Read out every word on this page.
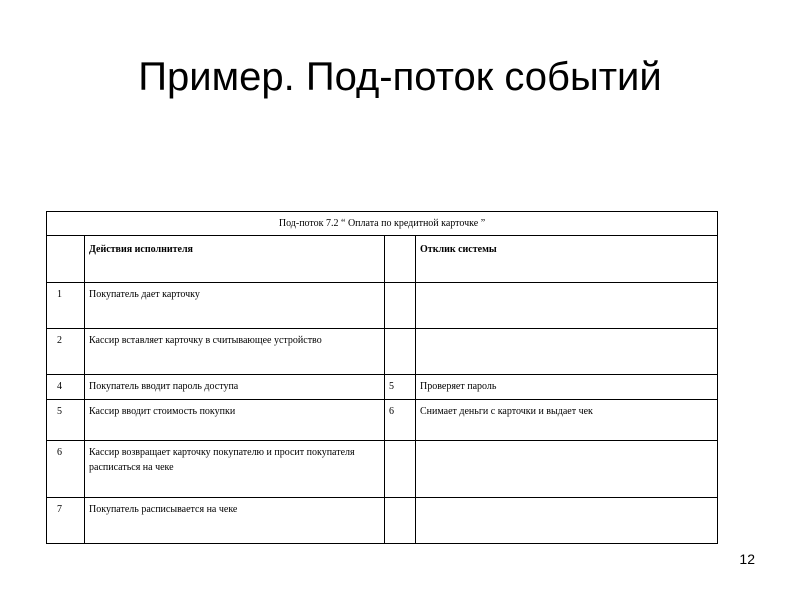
Пример. Под-поток событий
Под-поток 7.2 “ Оплата по кредитной карточке ”			
	Действия исполнителя		Отклик системы
1	Покупатель дает карточку		
2	Кассир вставляет карточку в считывающее устройство		
4	Покупатель вводит пароль доступа	5	Проверяет пароль
5	Кассир вводит стоимость покупки	6	Снимает деньги с карточки и выдает чек
6	Кассир возвращает карточку покупателю и просит покупателя расписаться на чеке		
7	Покупатель расписывается на чеке		
12
